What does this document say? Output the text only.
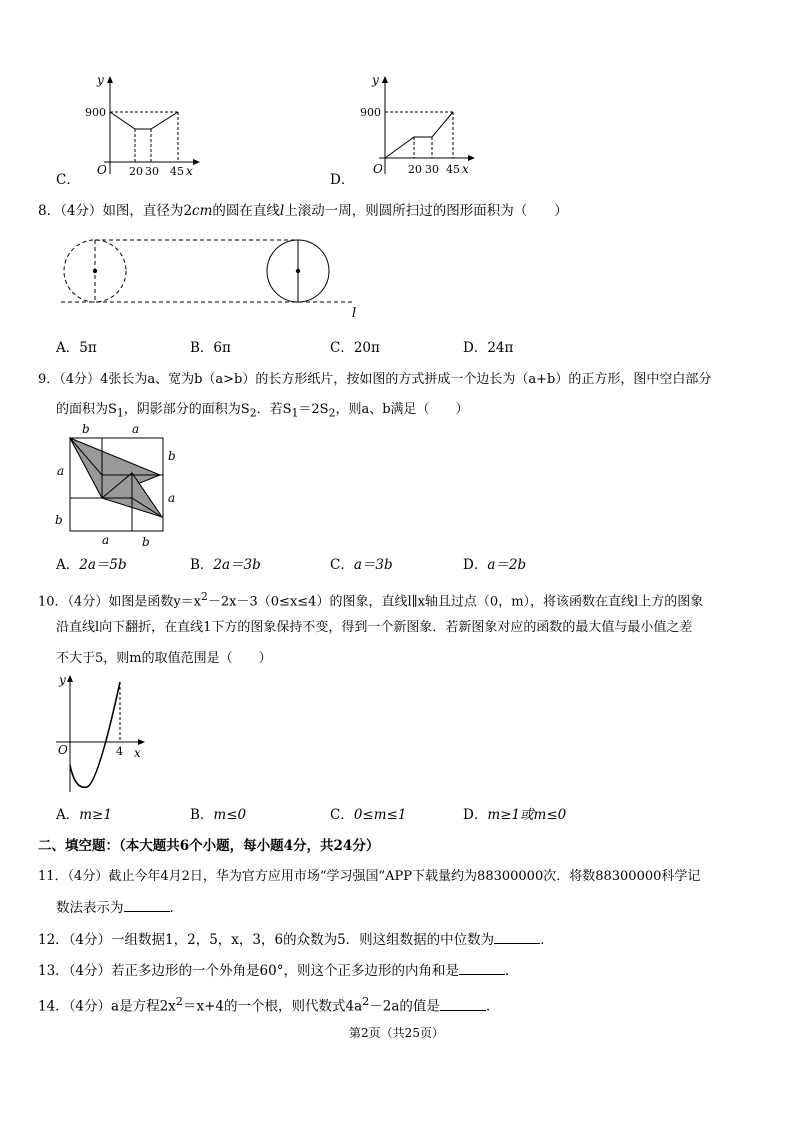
C．
y
900
O 20 30 45 x
D．
y
900
O 20 30 45 x
8．（4分）如图，直径为2cm的圆在直线l上滚动一周，则圆所扫过的图形面积为（　　）
l
A．5π	B．6π	C．20π	D．24π
9．（4分）4张长为a、宽为b（a>b）的长方形纸片，按如图的方式拼成一个边长为（a+b）的正方形，图中空白部分
的面积为$S_1$，阴影部分的面积为$S_2$．若$S_1=2S_2$，则a、b满足（　　）
b	a
b
a
a
b
a	b
A．2a＝5b	B．2a＝3b	C．a＝3b	D．a＝2b
10．（4分）如图是函数$y=x^2-2x-3(0\le x\le 4)$的图象，直线l∥x轴且过点（0，m），将该函数在直线l上方的图象
沿直线l向下翻折，在直线1下方的图象保持不变，得到一个新图象．若新图象对应的函数的最大值与最小值之差
不大于5，则m的取值范围是（　　）
y
O	4 x
A．m≥1	B．m≤0	C．0≤m≤1	D．m≥1或m≤0
二、填空题：（本大题共6个小题，每小题4分，共24分）
11．（4分）截止今年4月2日，华为官方应用市场“学习强国”APP下载量约为88300000次．将数88300000科学记
数法表示为	．
12．（4分）一组数据1，2，5，x，3，6的众数为5．则这组数据的中位数为	．
13．（4分）若正多边形的一个外角是60°，则这个正多边形的内角和是	．
14．（4分）a是方程$2x^2=x+4$的一个根，则代数式$4a^2-2a$的值是	．
第2页（共25页）
